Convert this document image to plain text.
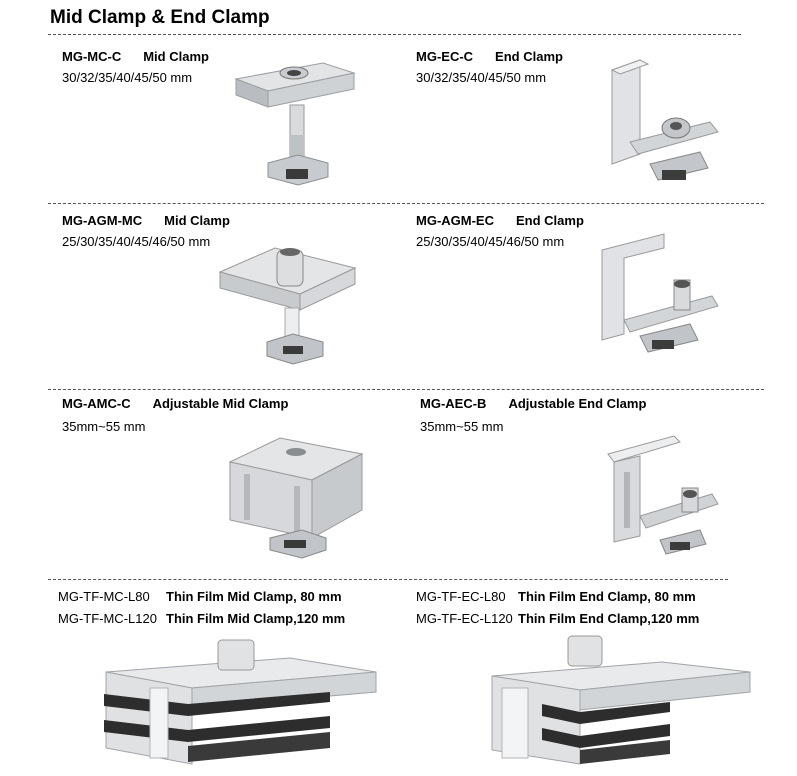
Mid Clamp & End Clamp
MG-MC-C Mid Clamp
30/32/35/40/45/50 mm
MG-EC-C End Clamp
30/32/35/40/45/50 mm
MG-AGM-MC Mid Clamp
25/30/35/40/45/46/50 mm
MG-AGM-EC End Clamp
25/30/35/40/45/46/50 mm
MG-AMC-C Adjustable Mid Clamp
35mm~55 mm
MG-AEC-B Adjustable End Clamp
35mm~55 mm
MG-TF-MC-L80 Thin Film Mid Clamp, 80 mm
MG-TF-MC-L120 Thin Film Mid Clamp,120 mm
MG-TF-EC-L80 Thin Film End Clamp, 80 mm
MG-TF-EC-L120 Thin Film End Clamp,120 mm
